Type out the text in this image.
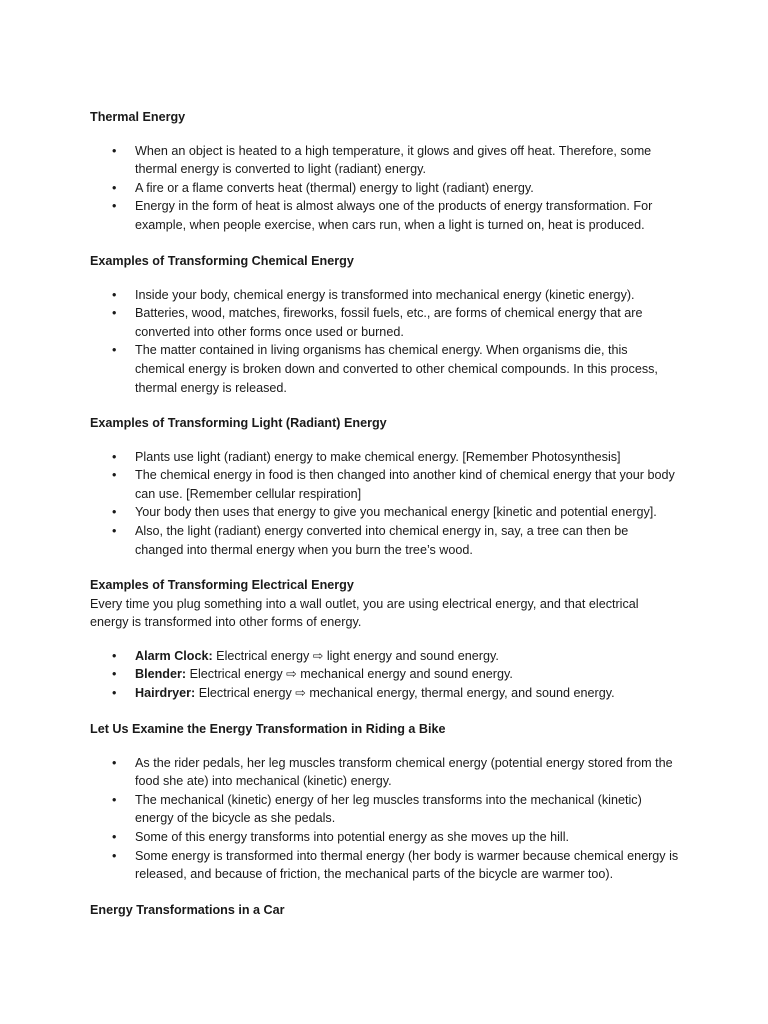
Thermal Energy
• When an object is heated to a high temperature, it glows and gives off heat. Therefore, some thermal energy is converted to light (radiant) energy.
• A fire or a flame converts heat (thermal) energy to light (radiant) energy.
• Energy in the form of heat is almost always one of the products of energy transformation. For example, when people exercise, when cars run, when a light is turned on, heat is produced.
Examples of Transforming Chemical Energy
• Inside your body, chemical energy is transformed into mechanical energy (kinetic energy).
• Batteries, wood, matches, fireworks, fossil fuels, etc., are forms of chemical energy that are converted into other forms once used or burned.
• The matter contained in living organisms has chemical energy. When organisms die, this chemical energy is broken down and converted to other chemical compounds. In this process, thermal energy is released.
Examples of Transforming Light (Radiant) Energy
• Plants use light (radiant) energy to make chemical energy. [Remember Photosynthesis]
• The chemical energy in food is then changed into another kind of chemical energy that your body can use. [Remember cellular respiration]
• Your body then uses that energy to give you mechanical energy [kinetic and potential energy].
• Also, the light (radiant) energy converted into chemical energy in, say, a tree can then be changed into thermal energy when you burn the tree’s wood.
Examples of Transforming Electrical Energy

Every time you plug something into a wall outlet, you are using electrical energy, and that electrical energy is transformed into other forms of energy.

• Alarm Clock: Electrical energy ⇨ light energy and sound energy.
• Blender: Electrical energy ⇨ mechanical energy and sound energy.
• Hairdryer: Electrical energy ⇨ mechanical energy, thermal energy, and sound energy.
Let Us Examine the Energy Transformation in Riding a Bike
• As the rider pedals, her leg muscles transform chemical energy (potential energy stored from the food she ate) into mechanical (kinetic) energy.
• The mechanical (kinetic) energy of her leg muscles transforms into the mechanical (kinetic) energy of the bicycle as she pedals.
• Some of this energy transforms into potential energy as she moves up the hill.
• Some energy is transformed into thermal energy (her body is warmer because chemical energy is released, and because of friction, the mechanical parts of the bicycle are warmer too).
Energy Transformations in a Car
